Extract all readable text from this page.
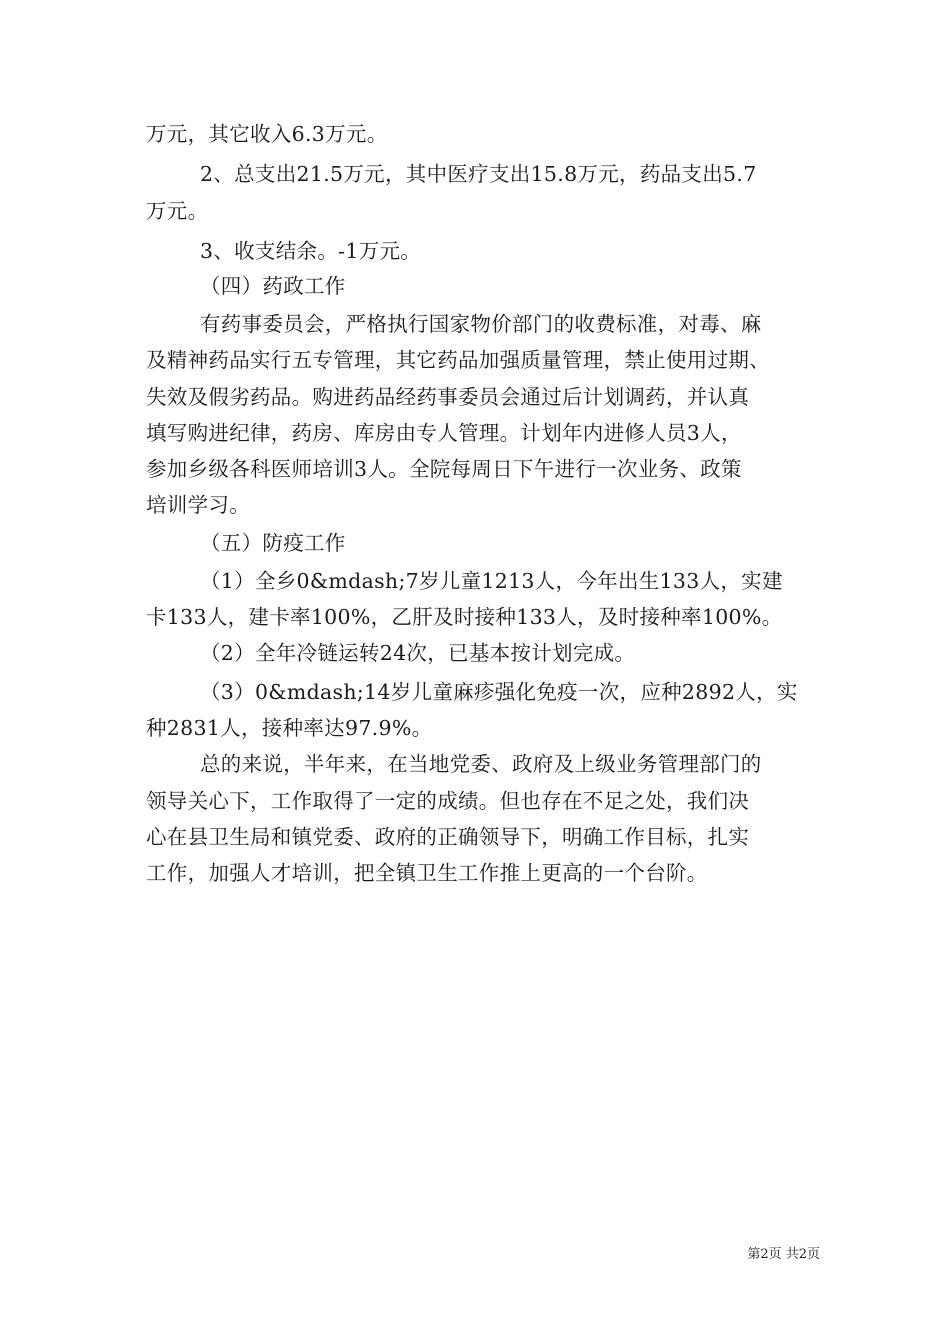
万元，其它收入6.3万元。
2、总支出21.5万元，其中医疗支出15.8万元，药品支出5.7
万元。
3、收支结余。-1万元。
（四）药政工作
有药事委员会，严格执行国家物价部门的收费标准，对毒、麻
及精神药品实行五专管理，其它药品加强质量管理，禁止使用过期、
失效及假劣药品。购进药品经药事委员会通过后计划调药，并认真
填写购进纪律，药房、库房由专人管理。计划年内进修人员3人，
参加乡级各科医师培训3人。全院每周日下午进行一次业务、政策
培训学习。
（五）防疫工作
（1）全乡0&mdash;7岁儿童1213人，今年出生133人，实建
卡133人，建卡率100%，乙肝及时接种133人，及时接种率100%。
（2）全年冷链运转24次，已基本按计划完成。
（3）0&mdash;14岁儿童麻疹强化免疫一次，应种2892人，实
种2831人，接种率达97.9%。
总的来说，半年来，在当地党委、政府及上级业务管理部门的
领导关心下，工作取得了一定的成绩。但也存在不足之处，我们决
心在县卫生局和镇党委、政府的正确领导下，明确工作目标，扎实
工作，加强人才培训，把全镇卫生工作推上更高的一个台阶。
第2页 共2页
